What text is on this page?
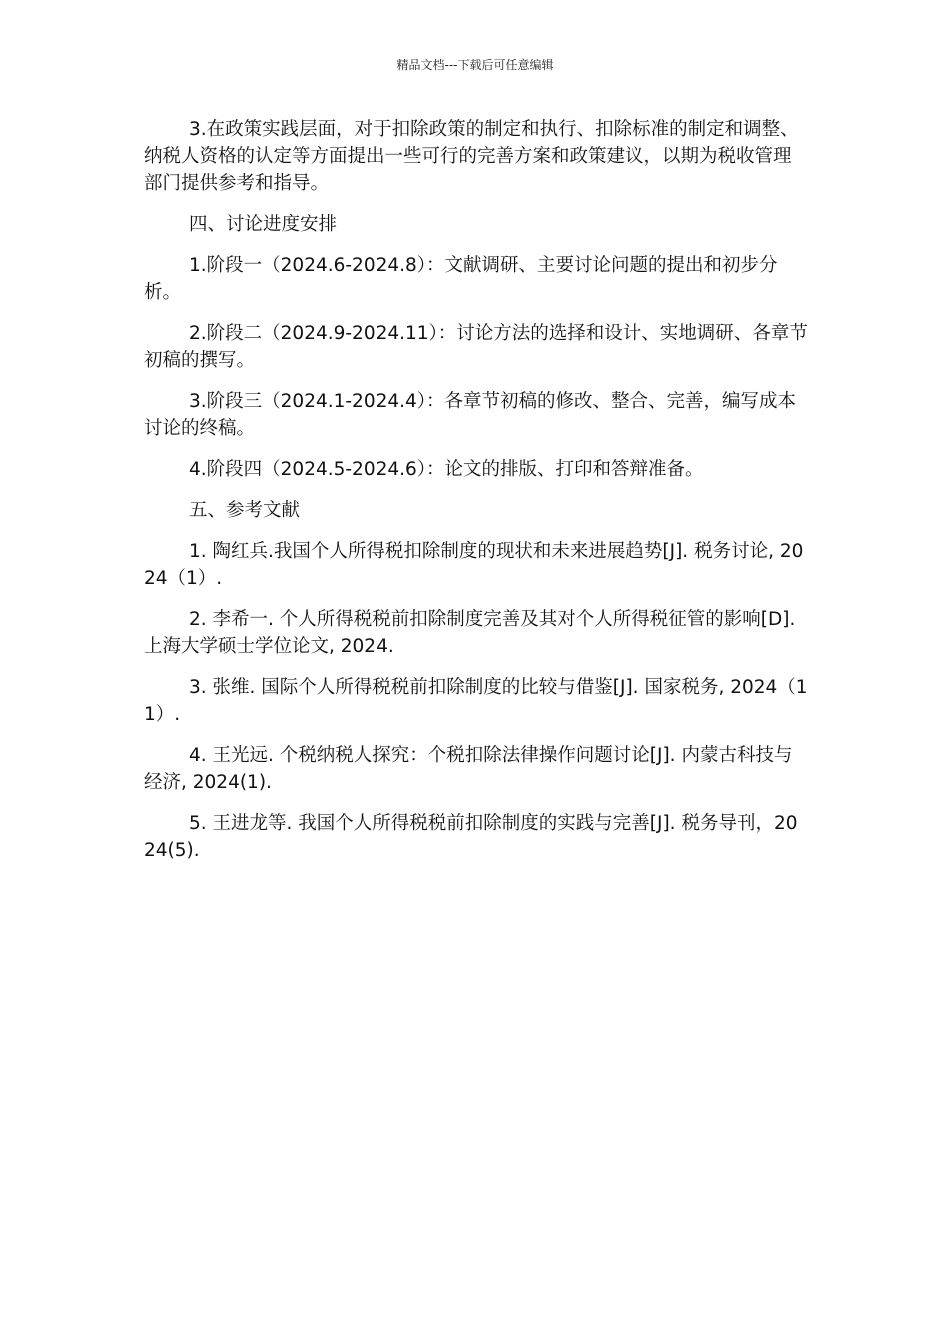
精品文档---下载后可任意编辑

3.在政策实践层面，对于扣除政策的制定和执行、扣除标准的制定和调整、纳税人资格的认定等方面提出一些可行的完善方案和政策建议，以期为税收管理部门提供参考和指导。

四、讨论进度安排

1.阶段一（2024.6-2024.8）：文献调研、主要讨论问题的提出和初步分析。

2.阶段二（2024.9-2024.11）：讨论方法的选择和设计、实地调研、各章节初稿的撰写。

3.阶段三（2024.1-2024.4）：各章节初稿的修改、整合、完善，编写成本讨论的终稿。

4.阶段四（2024.5-2024.6）：论文的排版、打印和答辩准备。

五、参考文献

1. 陶红兵.我国个人所得税扣除制度的现状和未来进展趋势[J]. 税务讨论, 2024（1）.

2. 李希一. 个人所得税税前扣除制度完善及其对个人所得税征管的影响[D]. 上海大学硕士学位论文, 2024.

3. 张维. 国际个人所得税税前扣除制度的比较与借鉴[J]. 国家税务, 2024（11）.

4. 王光远. 个税纳税人探究：个税扣除法律操作问题讨论[J]. 内蒙古科技与经济, 2024(1).

5. 王进龙等. 我国个人所得税税前扣除制度的实践与完善[J]. 税务导刊，2024(5).
